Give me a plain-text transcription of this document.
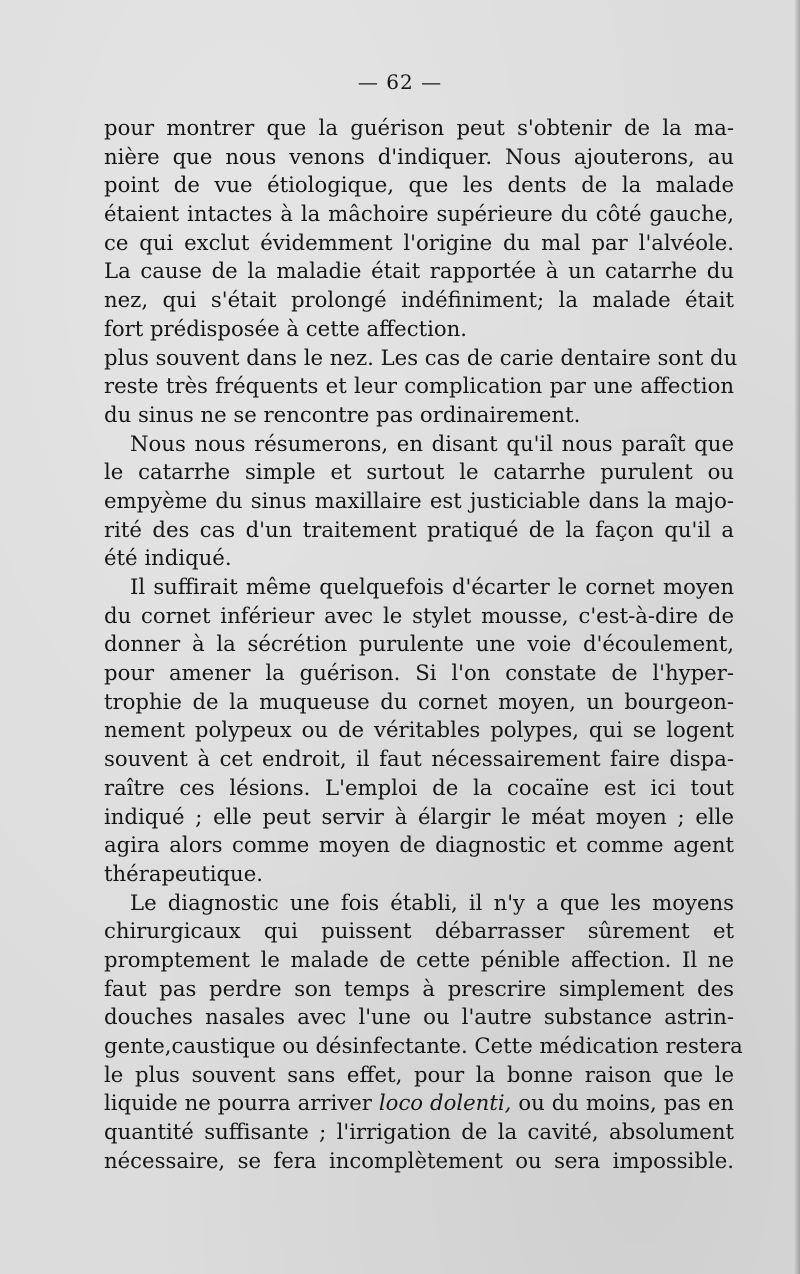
— 62 —
pour montrer que la guérison peut s'obtenir de la ma-
nière que nous venons d'indiquer. Nous ajouterons, au
point de vue étiologique, que les dents de la malade
étaient intactes à la mâchoire supérieure du côté gauche,
ce qui exclut évidemment l'origine du mal par l'alvéole.
La cause de la maladie était rapportée à un catarrhe du
nez, qui s'était prolongé indéfiniment; la malade était
fort prédisposée à cette affection.
plus souvent dans le nez. Les cas de carie dentaire sont du
reste très fréquents et leur complication par une affection
du sinus ne se rencontre pas ordinairement.
Nous nous résumerons, en disant qu'il nous paraît que
le catarrhe simple et surtout le catarrhe purulent ou
empyème du sinus maxillaire est justiciable dans la majo-
rité des cas d'un traitement pratiqué de la façon qu'il a
été indiqué.
Il suffirait même quelquefois d'écarter le cornet moyen
du cornet inférieur avec le stylet mousse, c'est-à-dire de
donner à la sécrétion purulente une voie d'écoulement,
pour amener la guérison. Si l'on constate de l'hyper-
trophie de la muqueuse du cornet moyen, un bourgeon-
nement polypeux ou de véritables polypes, qui se logent
souvent à cet endroit, il faut nécessairement faire dispa-
raître ces lésions. L'emploi de la cocaïne est ici tout
indiqué ; elle peut servir à élargir le méat moyen ; elle
agira alors comme moyen de diagnostic et comme agent
thérapeutique.
Le diagnostic une fois établi, il n'y a que les moyens
chirurgicaux qui puissent débarrasser sûrement et
promptement le malade de cette pénible affection. Il ne
faut pas perdre son temps à prescrire simplement des
douches nasales avec l'une ou l'autre substance astrin-
gente,caustique ou désinfectante. Cette médication restera
le plus souvent sans effet, pour la bonne raison que le
liquide ne pourra arriver loco dolenti, ou du moins, pas en
quantité suffisante ; l'irrigation de la cavité, absolument
nécessaire, se fera incomplètement ou sera impossible.
